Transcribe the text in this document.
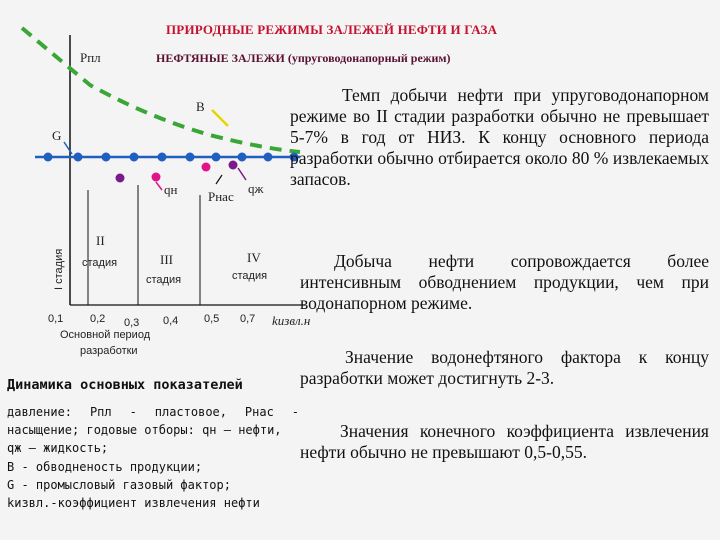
ПРИРОДНЫЕ РЕЖИМЫ ЗАЛЕЖЕЙ НЕФТИ И ГАЗА
НЕФТЯНЫЕ ЗАЛЕЖИ (упруговодонапорный режим)
Рпл
В
G
qн Рнас
qж
I стадия
II
стадия	III
стадия
IV
стадия
0,1 0,2 0,3 0,4 0,5 0,7 kизвл.н
Основной период
разработки
Темп добычи нефти при упруговодонапорном режиме во II стадии разработки обычно не превышает 5-7% в год от НИЗ. К концу основного периода разработки обычно отбирается около 80 % извлекаемых запасов.
Добыча нефти сопровождается более интенсивным обводнением продукции, чем при водонапорном режиме.
Значение водонефтяного фактора к концу разработки может достигнуть 2-3.
Значения конечного коэффициента извлечения нефти обычно не превышают 0,5-0,55.
Динамика основных показателей
давление: Рпл - пластовое, Рнас -
насыщение; годовые отборы: qн – нефти,
qж – жидкость;
В - обводненость продукции;
G - промысловый газовый фактор;
kизвл.-коэффициент извлечения нефти
